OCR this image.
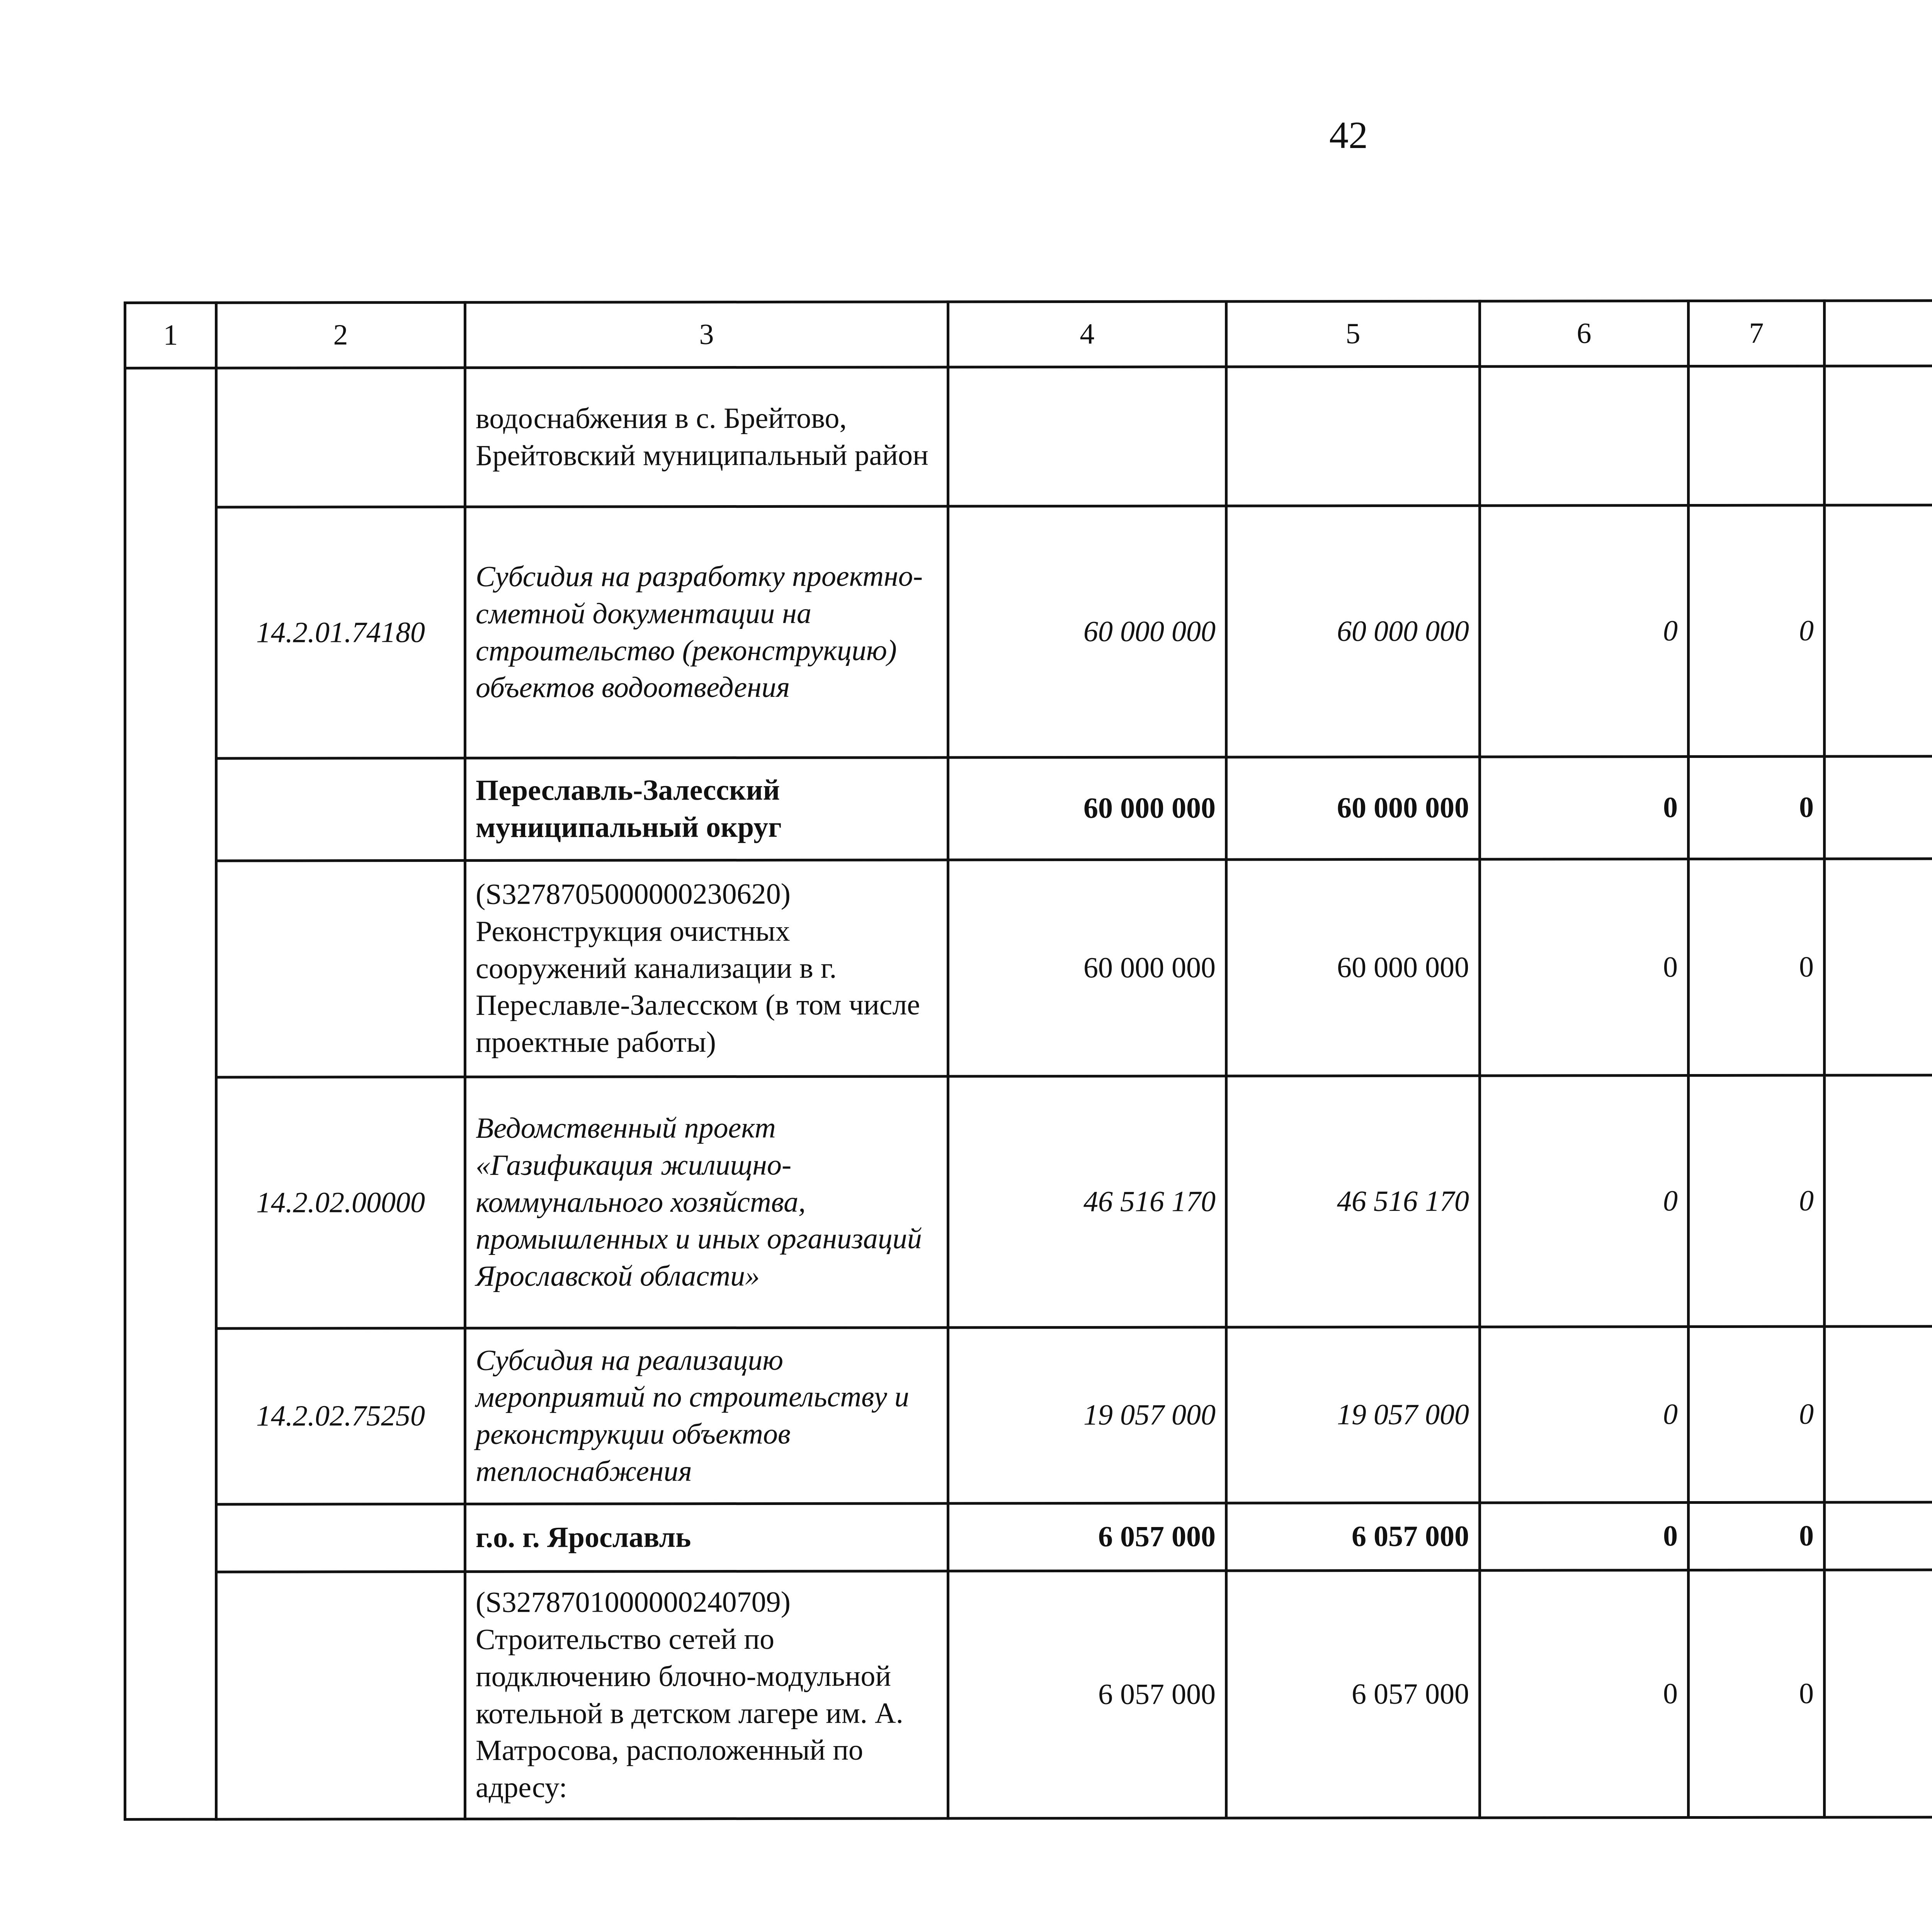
42
1	2	3	4	5	6	7				
		водоснабжения в с. Брейтово, Брейтовский муниципальный район								
	14.2.01.74180	Субсидия на разработку проектно-сметной документации на строительство (реконструкцию) объектов водоотведения	60 000 000	60 000 000	0	0				
		Переславль-Залесский муниципальный округ	60 000 000	60 000 000	0	0				
		(S3278705000000230620) Реконструкция очистных сооружений канализации в г. Переславле-Залесском (в том числе проектные работы)	60 000 000	60 000 000	0	0				
	14.2.02.00000	Ведомственный проект «Газификация жилищно-коммунального хозяйства, промышленных и иных организаций Ярославской области»	46 516 170	46 516 170	0	0				
	14.2.02.75250	Субсидия на реализацию мероприятий по строительству и реконструкции объектов теплоснабжения	19 057 000	19 057 000	0	0				
		г.о. г. Ярославль	6 057 000	6 057 000	0	0				
		(S3278701000000240709) Строительство сетей по подключению блочно-модульной котельной в детском лагере им. А. Матросова, расположенный по адресу:	6 057 000	6 057 000	0	0				
